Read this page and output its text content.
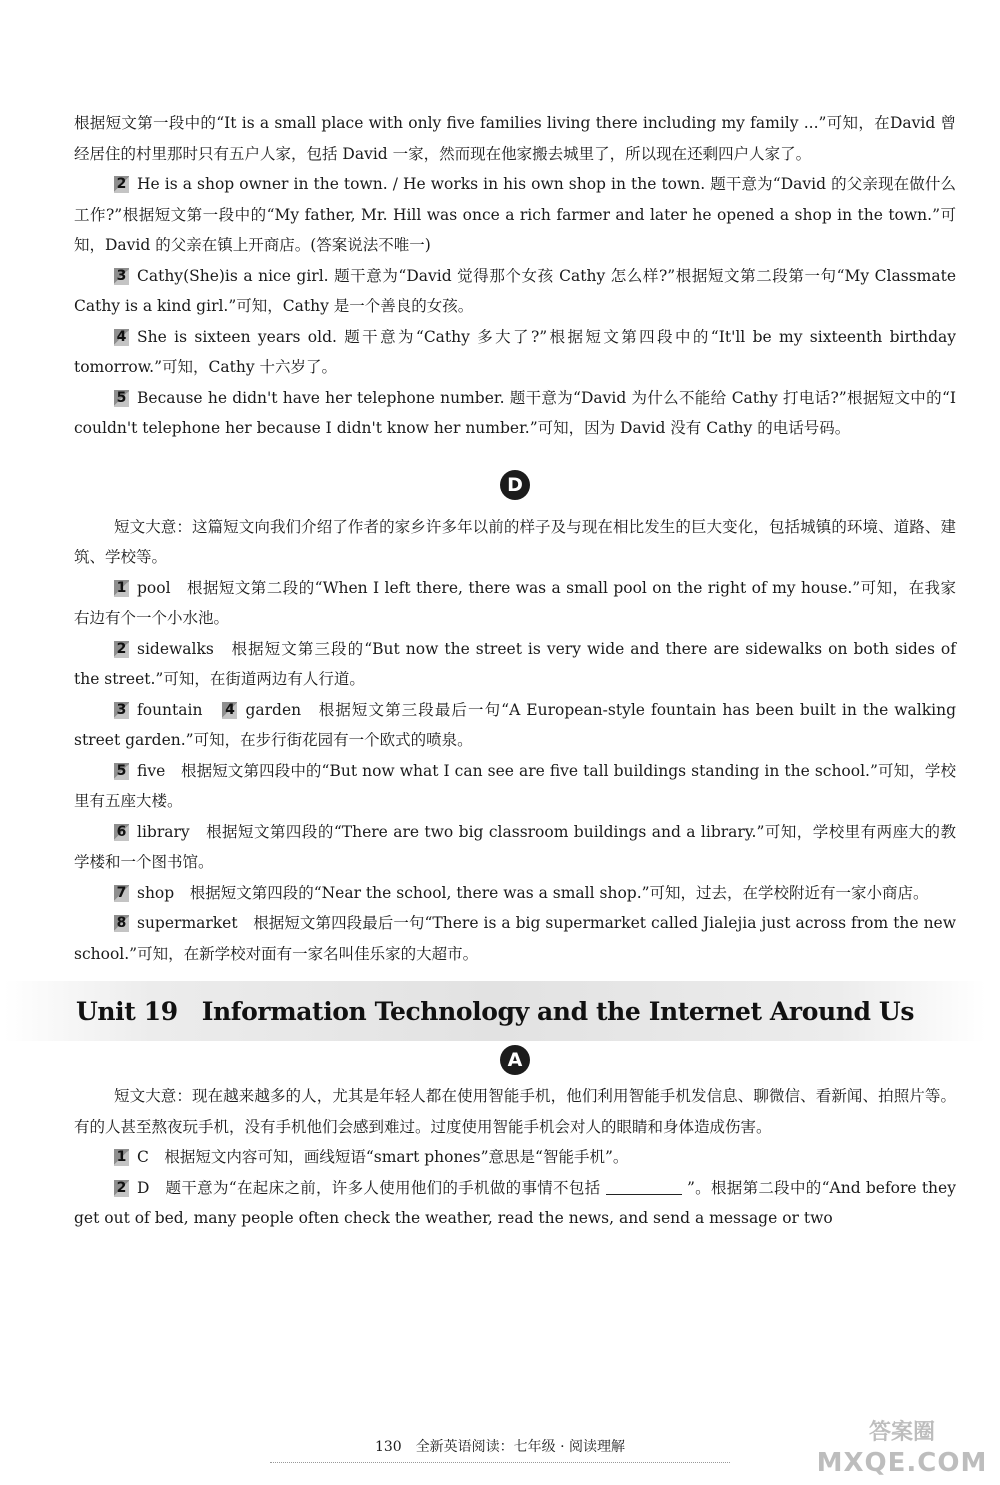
根据短文第一段中的“It is a small place with only five families living there including my family ...”可知，在David 曾经居住的村里那时只有五户人家，包括 David 一家，然而现在他家搬去城里了，所以现在还剩四户人家了。

2 He is a shop owner in the town. / He works in his own shop in the town. 题干意为“David 的父亲现在做什么工作?”根据短文第一段中的“My father, Mr. Hill was once a rich farmer and later he opened a shop in the town.”可知，David 的父亲在镇上开商店。(答案说法不唯一)

3 Cathy(She)is a nice girl. 题干意为“David 觉得那个女孩 Cathy 怎么样?”根据短文第二段第一句“My Classmate Cathy is a kind girl.”可知，Cathy 是一个善良的女孩。

4 She is sixteen years old. 题干意为“Cathy 多大了?”根据短文第四段中的“It'll be my sixteenth birthday tomorrow.”可知，Cathy 十六岁了。

5 Because he didn't have her telephone number. 题干意为“David 为什么不能给 Cathy 打电话?”根据短文中的“I couldn't telephone her because I didn't know her number.”可知，因为 David 没有 Cathy 的电话号码。

D

短文大意：这篇短文向我们介绍了作者的家乡许多年以前的样子及与现在相比发生的巨大变化，包括城镇的环境、道路、建筑、学校等。

1 pool　根据短文第二段的“When I left there, there was a small pool on the right of my house.”可知，在我家右边有个一个小水池。

2 sidewalks　根据短文第三段的“But now the street is very wide and there are sidewalks on both sides of the street.”可知，在街道两边有人行道。

3 fountain 4 garden　根据短文第三段最后一句“A European-style fountain has been built in the walking street garden.”可知，在步行街花园有一个欧式的喷泉。

5 five　根据短文第四段中的“But now what I can see are five tall buildings standing in the school.”可知，学校里有五座大楼。

6 library　根据短文第四段的“There are two big classroom buildings and a library.”可知，学校里有两座大的教学楼和一个图书馆。

7 shop　根据短文第四段的“Near the school, there was a small shop.”可知，过去，在学校附近有一家小商店。

8 supermarket　根据短文第四段最后一句“There is a big supermarket called Jialejia just across from the new school.”可知，在新学校对面有一家名叫佳乐家的大超市。

Unit 19 Information Technology and the Internet Around Us
A

短文大意：现在越来越多的人，尤其是年轻人都在使用智能手机，他们利用智能手机发信息、聊微信、看新闻、拍照片等。有的人甚至熬夜玩手机，没有手机他们会感到难过。过度使用智能手机会对人的眼睛和身体造成伤害。

1 C　根据短文内容可知，画线短语“smart phones”意思是“智能手机”。

2 D　题干意为“在起床之前，许多人使用他们的手机做的事情不包括	”。根据第二段中的“And before they get out of bed, many people often check the weather, read the news, and send a message or two

130 全新英语阅读：七年级 · 阅读理解
答案圈
MXQE.COM
